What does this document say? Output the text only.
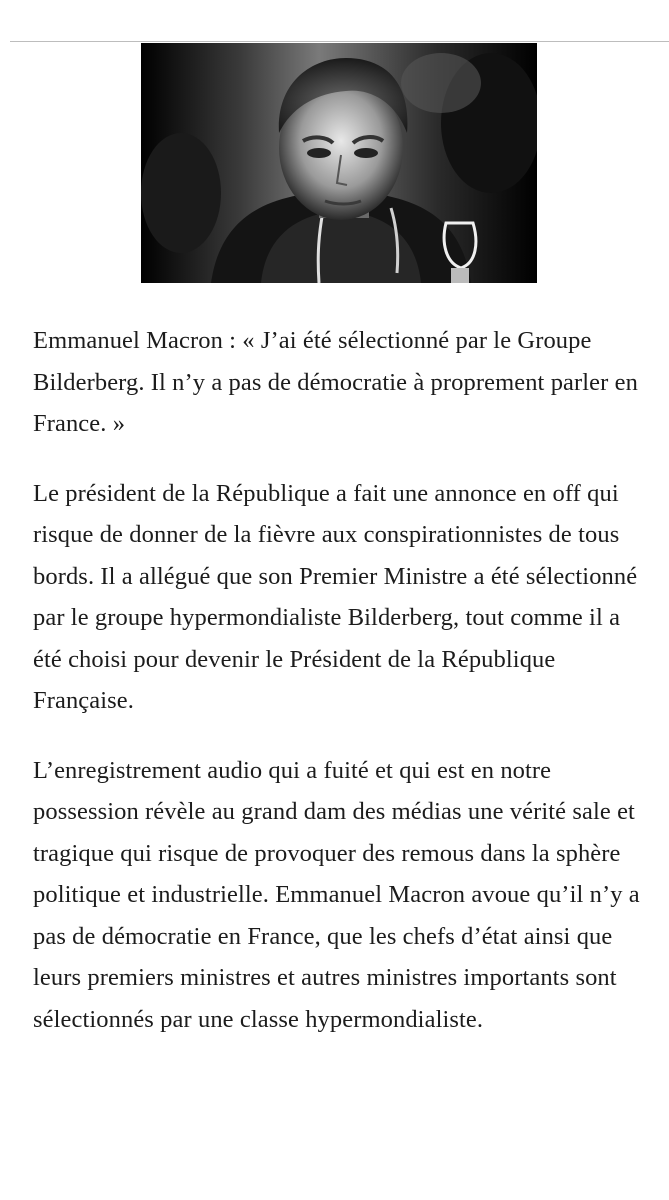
Emmanuel Macron : « J’ai été sélectionné par le Groupe Bilderberg. Il n’y a pas de démocratie à proprement parler en France. »

Le président de la République a fait une annonce en off qui risque de donner de la fièvre aux conspirationnistes de tous bords. Il a allégué que son Premier Ministre a été sélectionné par le groupe hypermondialiste Bilderberg, tout comme il a été choisi pour devenir le Président de la République Française.

L’enregistrement audio qui a fuité et qui est en notre possession révèle au grand dam des médias une vérité sale et tragique qui risque de provoquer des remous dans la sphère politique et industrielle. Emmanuel Macron avoue qu’il n’y a pas de démocratie en France, que les chefs d’état ainsi que leurs premiers ministres et autres ministres importants sont sélectionnés par une classe hypermondialiste.
